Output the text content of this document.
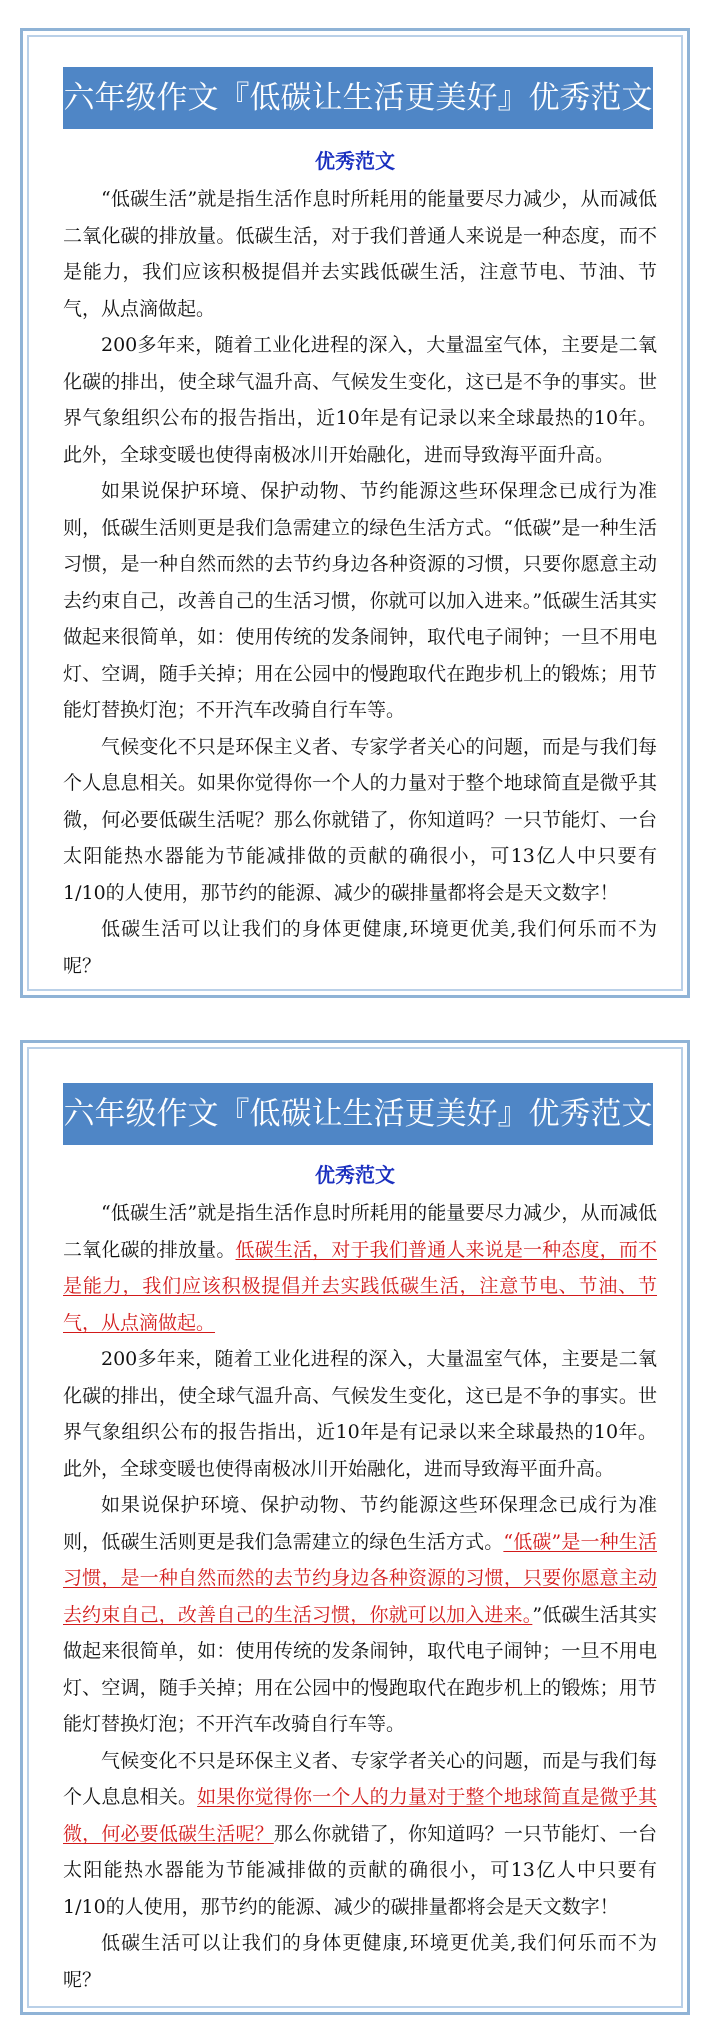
六年级作文『低碳让生活更美好』优秀范文
优秀范文

“低碳生活”就是指生活作息时所耗用的能量要尽力减少，从而减低二氧化碳的排放量。低碳生活，对于我们普通人来说是一种态度，而不是能力，我们应该积极提倡并去实践低碳生活，注意节电、节油、节气，从点滴做起。

200多年来，随着工业化进程的深入，大量温室气体，主要是二氧化碳的排出，使全球气温升高、气候发生变化，这已是不争的事实。世界气象组织公布的报告指出，近10年是有记录以来全球最热的10年。此外，全球变暖也使得南极冰川开始融化，进而导致海平面升高。

如果说保护环境、保护动物、节约能源这些环保理念已成行为准则，低碳生活则更是我们急需建立的绿色生活方式。“低碳”是一种生活习惯，是一种自然而然的去节约身边各种资源的习惯，只要你愿意主动去约束自己，改善自己的生活习惯，你就可以加入进来。”低碳生活其实做起来很简单，如：使用传统的发条闹钟，取代电子闹钟；一旦不用电灯、空调，随手关掉；用在公园中的慢跑取代在跑步机上的锻炼；用节能灯替换灯泡；不开汽车改骑自行车等。

气候变化不只是环保主义者、专家学者关心的问题，而是与我们每个人息息相关。如果你觉得你一个人的力量对于整个地球简直是微乎其微，何必要低碳生活呢？那么你就错了，你知道吗？一只节能灯、一台太阳能热水器能为节能减排做的贡献的确很小，可13亿人中只要有1/10的人使用，那节约的能源、减少的碳排量都将会是天文数字！

低碳生活可以让我们的身体更健康,环境更优美,我们何乐而不为呢？

六年级作文『低碳让生活更美好』优秀范文
优秀范文

“低碳生活”就是指生活作息时所耗用的能量要尽力减少，从而减低二氧化碳的排放量。低碳生活，对于我们普通人来说是一种态度，而不是能力，我们应该积极提倡并去实践低碳生活，注意节电、节油、节气，从点滴做起。

200多年来，随着工业化进程的深入，大量温室气体，主要是二氧化碳的排出，使全球气温升高、气候发生变化，这已是不争的事实。世界气象组织公布的报告指出，近10年是有记录以来全球最热的10年。此外，全球变暖也使得南极冰川开始融化，进而导致海平面升高。

如果说保护环境、保护动物、节约能源这些环保理念已成行为准则，低碳生活则更是我们急需建立的绿色生活方式。“低碳”是一种生活习惯，是一种自然而然的去节约身边各种资源的习惯，只要你愿意主动去约束自己，改善自己的生活习惯，你就可以加入进来。”低碳生活其实做起来很简单，如：使用传统的发条闹钟，取代电子闹钟；一旦不用电灯、空调，随手关掉；用在公园中的慢跑取代在跑步机上的锻炼；用节能灯替换灯泡；不开汽车改骑自行车等。

气候变化不只是环保主义者、专家学者关心的问题，而是与我们每个人息息相关。如果你觉得你一个人的力量对于整个地球简直是微乎其微，何必要低碳生活呢？那么你就错了，你知道吗？一只节能灯、一台太阳能热水器能为节能减排做的贡献的确很小，可13亿人中只要有1/10的人使用，那节约的能源、减少的碳排量都将会是天文数字！

低碳生活可以让我们的身体更健康,环境更优美,我们何乐而不为呢？
